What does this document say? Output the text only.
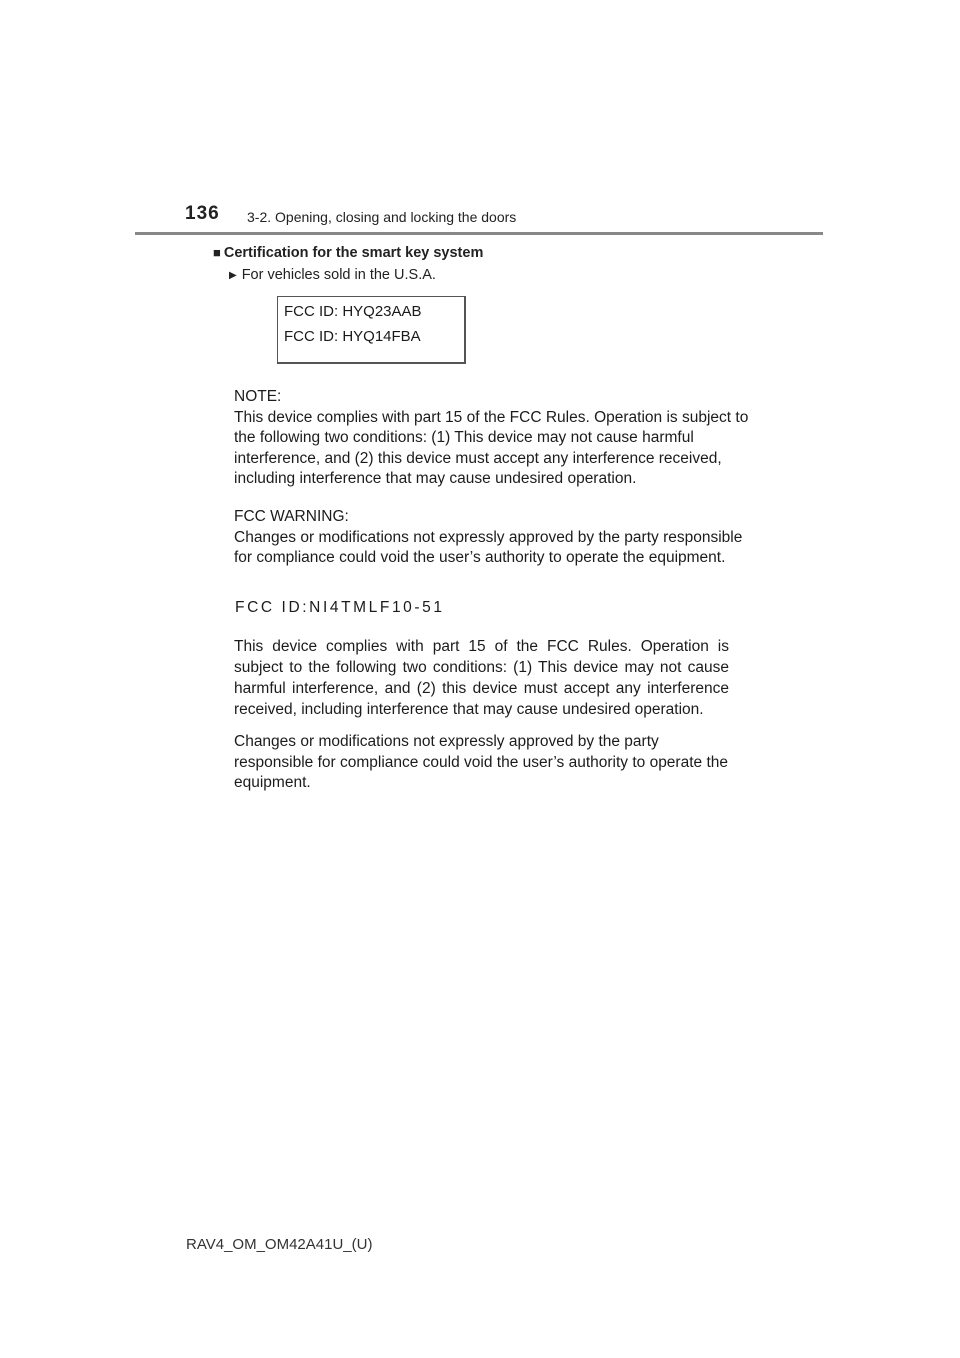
136 3-2. Opening, closing and locking the doors
■ Certification for the smart key system
▶ For vehicles sold in the U.S.A.
FCC ID: HYQ23AAB
FCC ID: HYQ14FBA

NOTE:

This device complies with part 15 of the FCC Rules. Operation is subject to the following two conditions: (1) This device may not cause harmful interference, and (2) this device must accept any interference received, including interference that may cause undesired operation.

FCC WARNING:

Changes or modifications not expressly approved by the party responsible for compliance could void the user’s authority to operate the equipment.

FCC ID:NI4TMLF10-51
This device complies with part 15 of the FCC Rules. Operation is subject to the following two conditions: (1) This device may not cause harmful interference, and (2) this device must accept any interference received, including interference that may cause undesired operation.
Changes or modifications not expressly approved by the party responsible for compliance could void the user’s authority to operate the equipment.
RAV4_OM_OM42A41U_(U)
